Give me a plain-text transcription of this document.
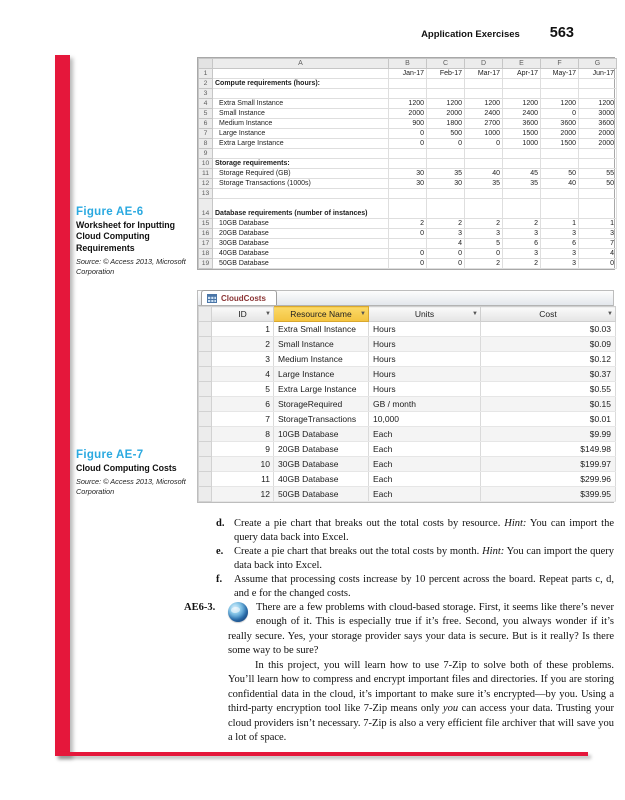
Application Exercises 563
	A	B	C	D	E	F	G
1		Jan-17	Feb-17	Mar-17	Apr-17	May-17	Jun-17
2	Compute requirements (hours):						
3							
4	Extra Small Instance	1200	1200	1200	1200	1200	1200
5	Small Instance	2000	2000	2400	2400	0	3000
6	Medium Instance	900	1800	2700	3600	3600	3600
7	Large Instance	0	500	1000	1500	2000	2000
8	Extra Large Instance	0	0	0	1000	1500	2000
9							
10	Storage requirements:						
11	Storage Required (GB)	30	35	40	45	50	55
12	Storage Transactions (1000s)	30	30	35	35	40	50
13							
14	Database requirements (number of instances)						
15	10GB Database	2	2	2	2	1	1
16	20GB Database	0	3	3	3	3	3
17	30GB Database		4	5	6	6	7
18	40GB Database	0	0	0	3	3	4
19	50GB Database	0	0	2	2	3	0
Figure AE-6
Worksheet for Inputting Cloud Computing Requirements
Source: © Access 2013, Microsoft Corporation
CloudCosts
	ID ▼	Resource Name ▼	Units ▼	Cost ▼

	1	Extra Small Instance	Hours	$0.03
	2	Small Instance	Hours	$0.09
	3	Medium Instance	Hours	$0.12
	4	Large Instance	Hours	$0.37
	5	Extra Large Instance	Hours	$0.55
	6	StorageRequired	GB / month	$0.15
	7	StorageTransactions	10,000	$0.01
	8	10GB Database	Each	$9.99
	9	20GB Database	Each	$149.98
	10	30GB Database	Each	$199.97
	11	40GB Database	Each	$299.96
	12	50GB Database	Each	$399.95
Figure AE-7
Cloud Computing Costs
Source: © Access 2013, Microsoft Corporation
d. Create a pie chart that breaks out the total costs by resource. Hint: You can import the query data back into Excel.
e.	Create a pie chart that breaks out the total costs by month. Hint: You can import the query data back into Excel.
f.	Assume that processing costs increase by 10 percent across the board. Repeat parts c, d, and e for the changed costs.
AE6-3.	There are a few problems with cloud-based storage. First, it seems like there’s never enough of it. This is especially true if it’s free. Second, you always wonder if it’s really secure. Yes, your storage provider says your data is secure. But is it really? Is there some way to be sure?

In this project, you will learn how to use 7-Zip to solve both of these problems. You’ll learn how to compress and encrypt important files and directories. If you are storing confidential data in the cloud, it’s important to make sure it’s encrypted—by you. Using a third-party encryption tool like 7-Zip means only you can access your data. Trusting your cloud providers isn’t necessary. 7-Zip is also a very efficient file archiver that will save you a lot of space.
